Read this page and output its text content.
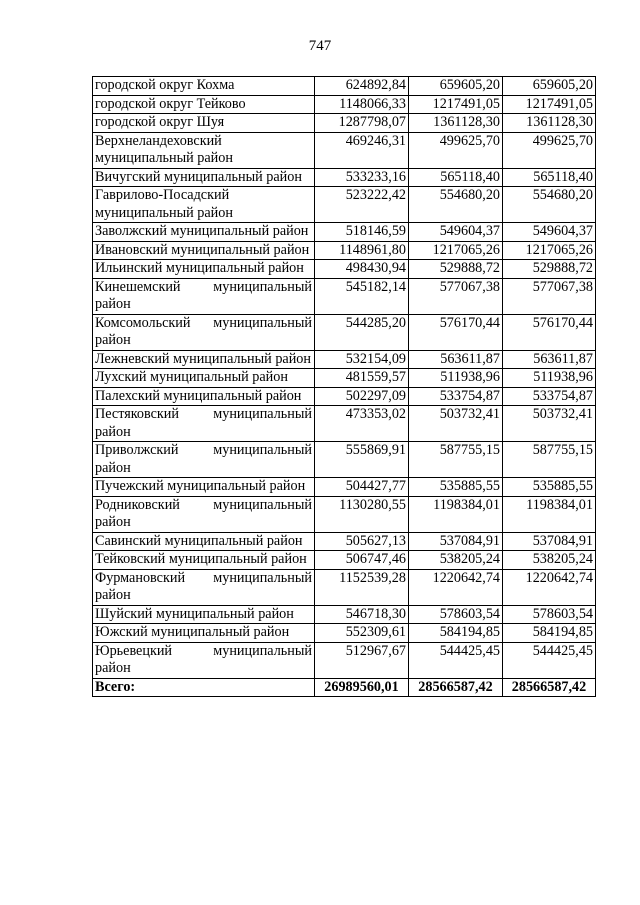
747
городской округ Кохма	624892,84	659605,20	659605,20
городской округ Тейково	1148066,33	1217491,05	1217491,05
городской округ Шуя	1287798,07	1361128,30	1361128,30
Верхнеландеховский муниципальный район	469246,31	499625,70	499625,70
Вичугский муниципальный район	533233,16	565118,40	565118,40
Гаврилово-Посадский муниципальный район	523222,42	554680,20	554680,20
Заволжский муниципальный район	518146,59	549604,37	549604,37
Ивановский муниципальный район	1148961,80	1217065,26	1217065,26
Ильинский муниципальный район	498430,94	529888,72	529888,72
Кинешемский муниципальный район	545182,14	577067,38	577067,38
Комсомольский муниципальный район	544285,20	576170,44	576170,44
Лежневский муниципальный район	532154,09	563611,87	563611,87
Лухский муниципальный район	481559,57	511938,96	511938,96
Палехский муниципальный район	502297,09	533754,87	533754,87
Пестяковский муниципальный район	473353,02	503732,41	503732,41
Приволжский муниципальный район	555869,91	587755,15	587755,15
Пучежский муниципальный район	504427,77	535885,55	535885,55
Родниковский муниципальный район	1130280,55	1198384,01	1198384,01
Савинский муниципальный район	505627,13	537084,91	537084,91
Тейковский муниципальный район	506747,46	538205,24	538205,24
Фурмановский муниципальный район	1152539,28	1220642,74	1220642,74
Шуйский муниципальный район	546718,30	578603,54	578603,54
Южский муниципальный район	552309,61	584194,85	584194,85
Юрьевецкий муниципальный район	512967,67	544425,45	544425,45
Всего:	26989560,01	28566587,42	28566587,42
